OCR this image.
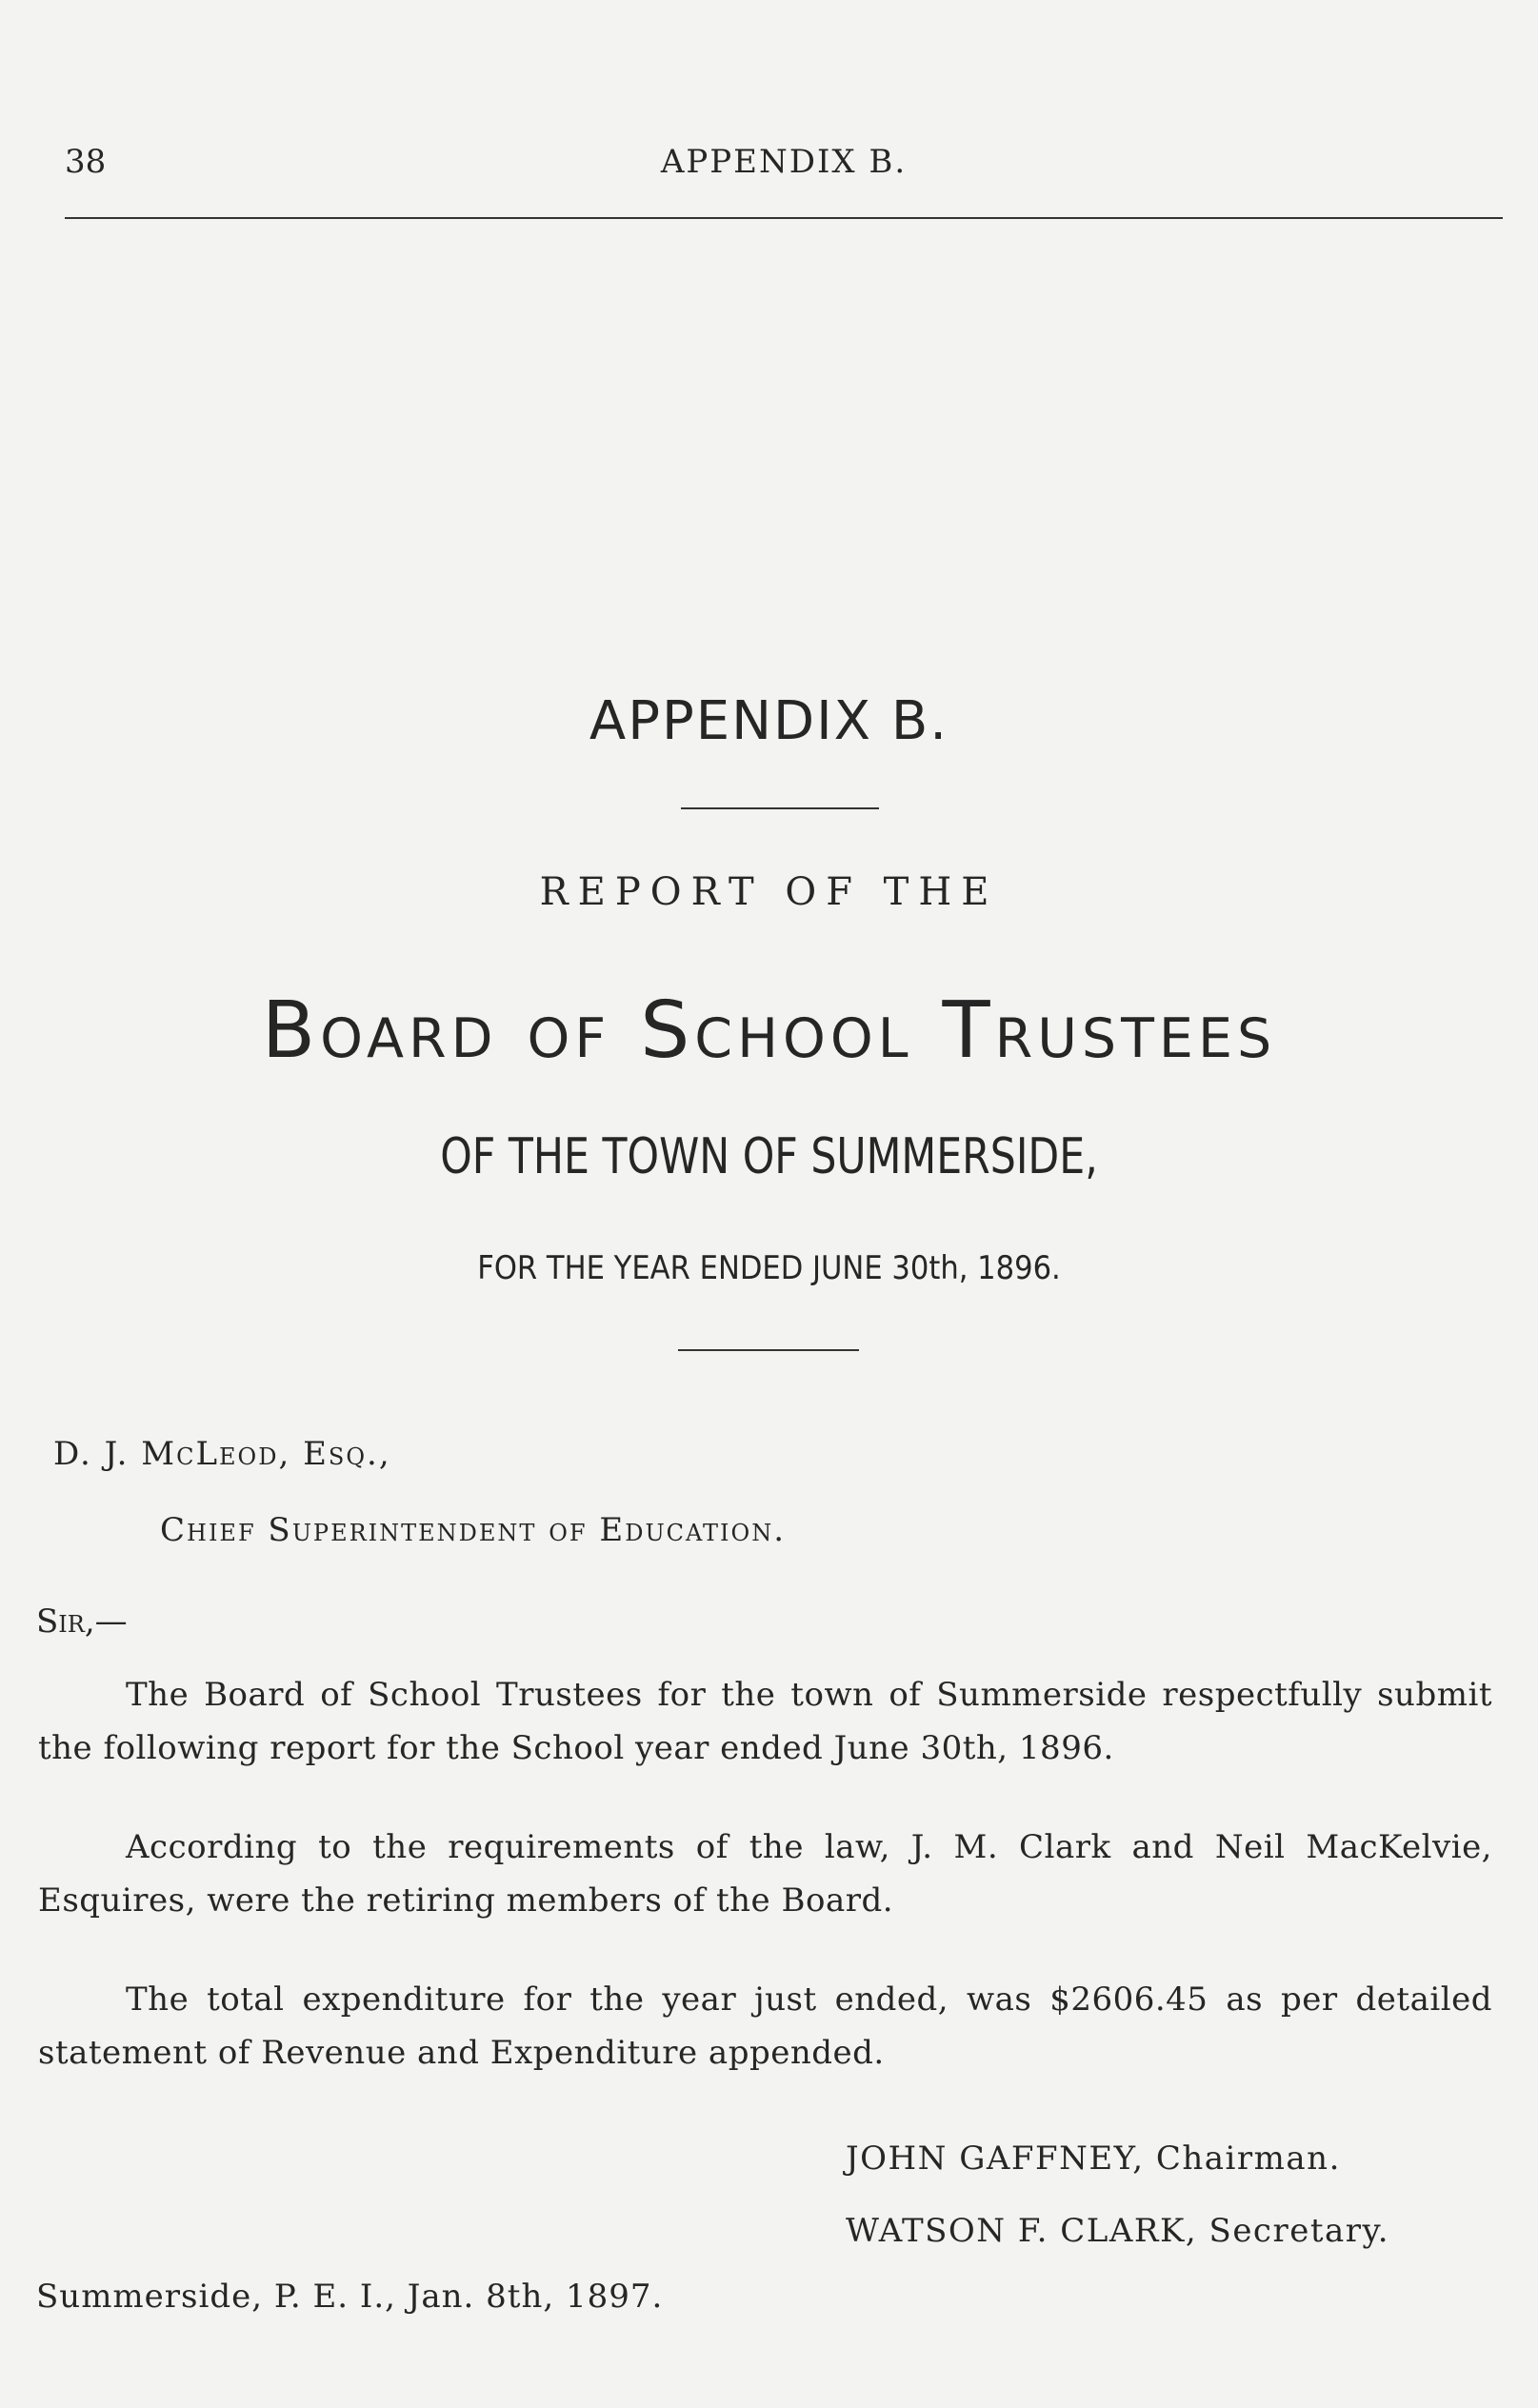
38	APPENDIX B.
APPENDIX B.
REPORT OF THE
Board of School Trustees
OF THE TOWN OF SUMMERSIDE,
FOR THE YEAR ENDED JUNE 30th, 1896.
D. J. McLeod, Esq.,
Chief Superintendent of Education.
Sir,—
The Board of School Trustees for the town of Summerside respectfully submit the following report for the School year ended June 30th, 1896.
According to the requirements of the law, J. M. Clark and Neil MacKelvie, Esquires, were the retiring members of the Board.
The total expenditure for the year just ended, was $2606.45 as per detailed statement of Revenue and Expenditure appended.
JOHN GAFFNEY, Chairman.
WATSON F. CLARK, Secretary.
Summerside, P. E. I., Jan. 8th, 1897.
